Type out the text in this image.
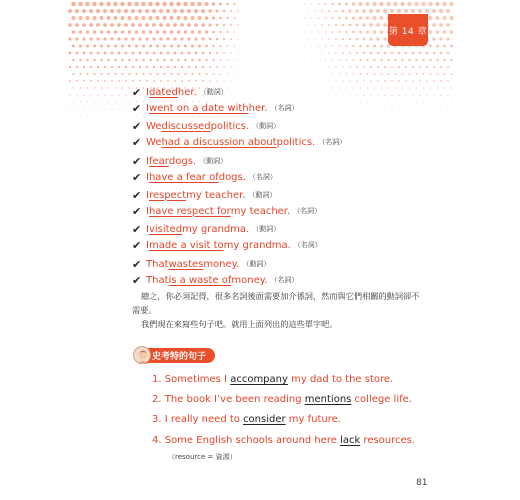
第 14 章
✔ I dated her. （動詞）
✔ I went on a date with her. （名詞）
✔ We discussed politics. （動詞）
✔ We had a discussion about politics. （名詞）
✔ I fear dogs. （動詞）
✔ I have a fear of dogs. （名詞）
✔ I respect my teacher. （動詞）
✔ I have respect for my teacher. （名詞）
✔ I visited my grandma. （動詞）
✔ I made a visit to my grandma. （名詞）
✔ That wastes money. （動詞）
✔ That is a waste of money. （名詞）
總之，你必須記得，很多名詞後面需要加介係詞，然而與它們相關的動詞卻不
需要。
我們現在來寫些句子吧。就用上面列出的這些單字吧。
史考特的句子
1. Sometimes I accompany my dad to the store.
2. The book I’ve been reading mentions college life.
3. I really need to consider my future.
4. Some English schools around here lack resources.
（resource = 資源）
81
